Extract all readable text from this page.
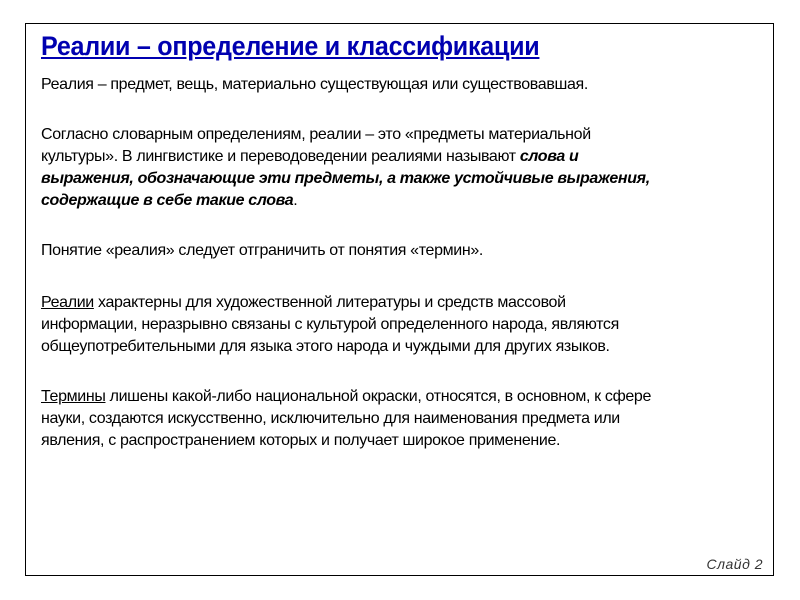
Реалии – определение и классификации
Реалия – предмет, вещь, материально существующая или существовавшая.
Согласно словарным определениям, реалии – это «предметы материальной
культуры». В лингвистике и переводоведении реалиями называют слова и
выражения, обозначающие эти предметы, а также устойчивые выражения,
содержащие в себе такие слова.
Понятие «реалия» следует отграничить от понятия «термин».
Реалии характерны для художественной литературы и средств массовой
информации, неразрывно связаны с культурой определенного народа, являются
общеупотребительными для языка этого народа и чуждыми для других языков.
Термины лишены какой-либо национальной окраски, относятся, в основном, к сфере
науки, создаются искусственно, исключительно для наименования предмета или
явления, с распространением которых и получает широкое применение.
Слайд 2
